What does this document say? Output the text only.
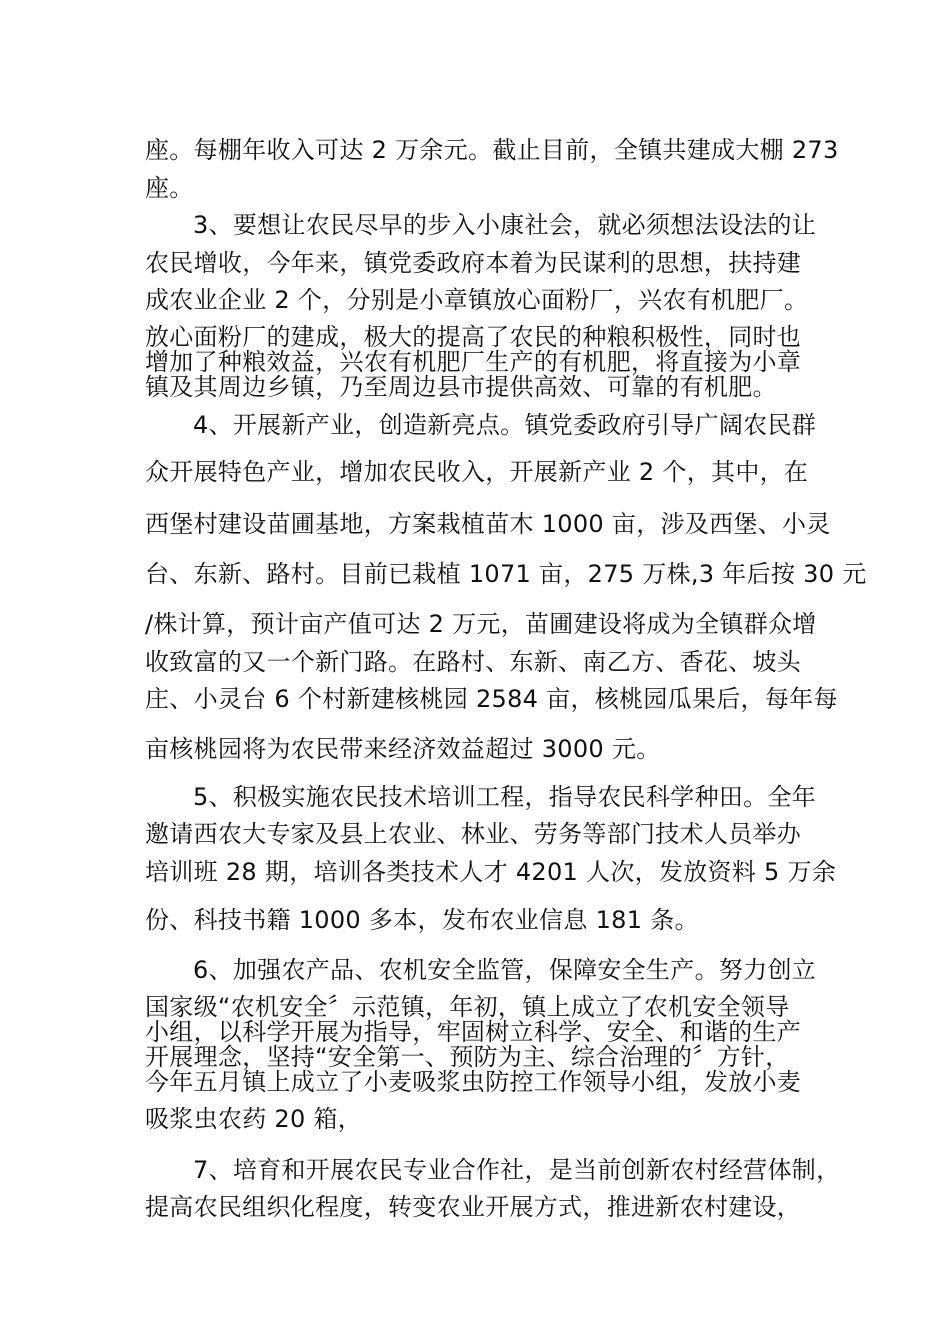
座。每棚年收入可达 2 万余元。截止目前，全镇共建成大棚 273
座。
3、要想让农民尽早的步入小康社会，就必须想法设法的让
农民增收，今年来，镇党委政府本着为民谋利的思想，扶持建
成农业企业 2 个，分别是小章镇放心面粉厂，兴农有机肥厂。
放心面粉厂的建成，极大的提高了农民的种粮积极性，同时也
增加了种粮效益，兴农有机肥厂生产的有机肥，将直接为小章
镇及其周边乡镇，乃至周边县市提供高效、可靠的有机肥。
4、开展新产业，创造新亮点。镇党委政府引导广阔农民群
众开展特色产业，增加农民收入，开展新产业 2 个，其中，在
西堡村建设苗圃基地，方案栽植苗木 1000 亩，涉及西堡、小灵
台、东新、路村。目前已栽植 1071 亩，275 万株,3 年后按 30 元
/株计算，预计亩产值可达 2 万元，苗圃建设将成为全镇群众增
收致富的又一个新门路。在路村、东新、南乙方、香花、坡头
庄、小灵台 6 个村新建核桃园 2584 亩，核桃园瓜果后，每年每
亩核桃园将为农民带来经济效益超过 3000 元。
5、积极实施农民技术培训工程，指导农民科学种田。全年
邀请西农大专家及县上农业、林业、劳务等部门技术人员举办
培训班 28 期，培训各类技术人才 4201 人次，发放资料 5 万余
份、科技书籍 1000 多本，发布农业信息 181 条。
6、加强农产品、农机安全监管，保障安全生产。努力创立
国家级“农机安全〞示范镇，年初，镇上成立了农机安全领导
小组，以科学开展为指导，牢固树立科学、安全、和谐的生产
开展理念，坚持“安全第一、预防为主、综合治理的〞方针，
今年五月镇上成立了小麦吸浆虫防控工作领导小组，发放小麦
吸浆虫农药 20 箱，
7、培育和开展农民专业合作社，是当前创新农村经营体制，
提高农民组织化程度，转变农业开展方式，推进新农村建设，
